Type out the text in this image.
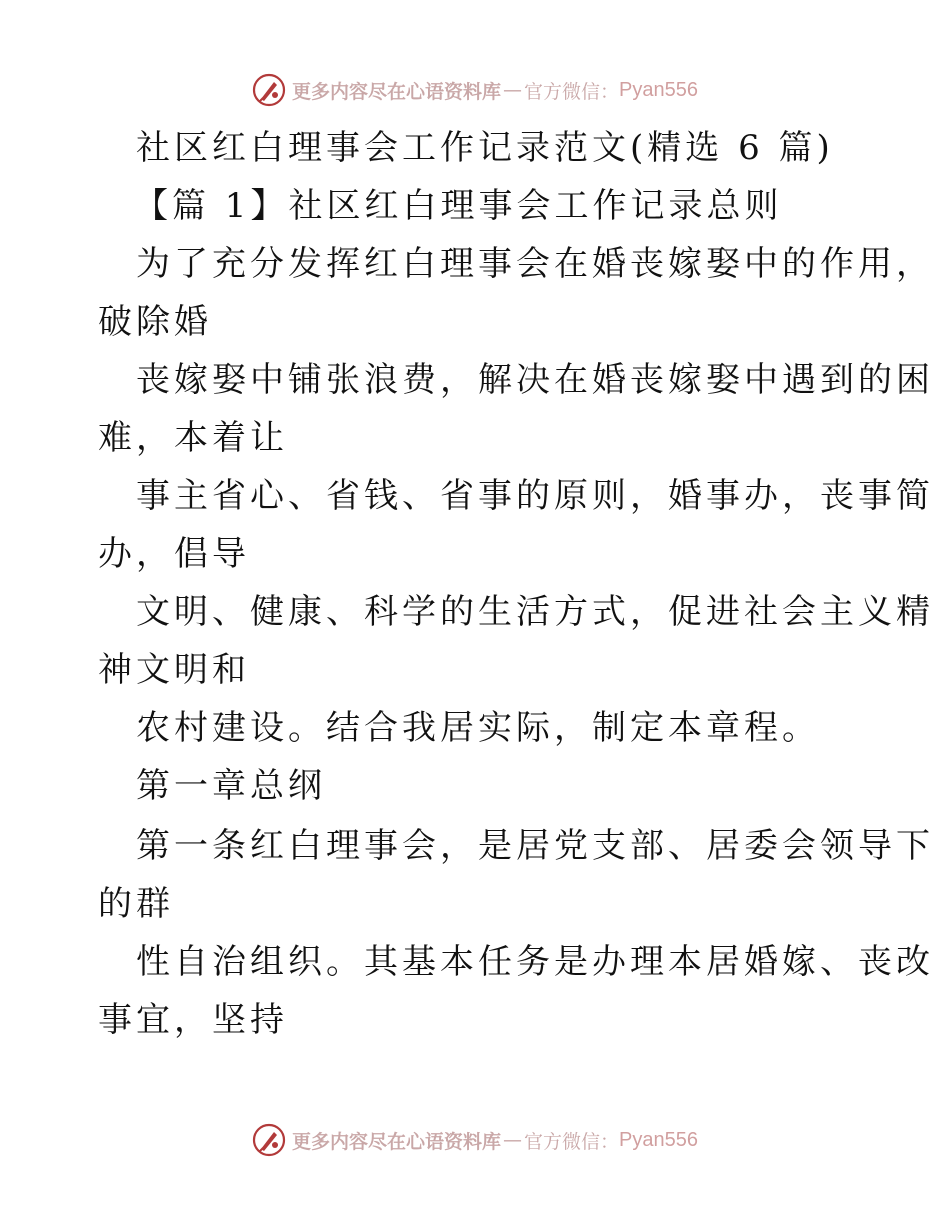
更多内容尽在心语资料库 — 官方微信： Pyan556
社区红白理事会工作记录范文(精选 6 篇)
【篇 1】社区红白理事会工作记录总则
为了充分发挥红白理事会在婚丧嫁娶中的作用，
破除婚
丧嫁娶中铺张浪费，解决在婚丧嫁娶中遇到的困
难，本着让
事主省心、省钱、省事的原则，婚事办，丧事简
办，倡导
文明、健康、科学的生活方式，促进社会主义精
神文明和
农村建设。结合我居实际，制定本章程。
第一章总纲
第一条红白理事会，是居党支部、居委会领导下
的群
性自治组织。其基本任务是办理本居婚嫁、丧改
事宜，坚持
更多内容尽在心语资料库 — 官方微信： Pyan556
